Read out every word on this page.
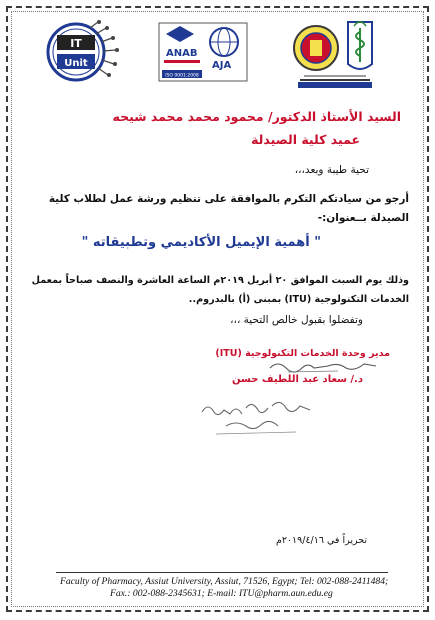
IT
Unit
ANAB
AJA
ISO 9001:2008
السيد الأستاذ الدكتور/ محمود محمد محمد شيحه
عميد كلية الصيدلة
تحية طيبة وبعد،،،
أرجو من سيادتكم التكرم بالموافقة على تنظيم ورشة عمل لطلاب كلية
الصيدلة بــعنوان:-
" أهمية الإيميل الأكاديمي وتطبيقاته "
وذلك يوم السبت الموافق ٢٠ أبريل ٢٠١٩م الساعة العاشرة والنصف صباحاً بمعمل
الخدمات التكنولوجية (ITU) بمبنى (أ) بالبدروم..
وتفضلوا بقبول خالص التحية ،،،
مدير وحدة الخدمات التكنولوجية (ITU)
د./ سعاد عبد اللطيف حسن
تحريراً في ٢٠١٩/٤/١٦م
Faculty of Pharmacy, Assiut University, Assiut, 71526, Egypt; Tel: 002-088-2411484;
Fax.: 002-088-2345631; E-mail: ITU@pharm.aun.edu.eg
